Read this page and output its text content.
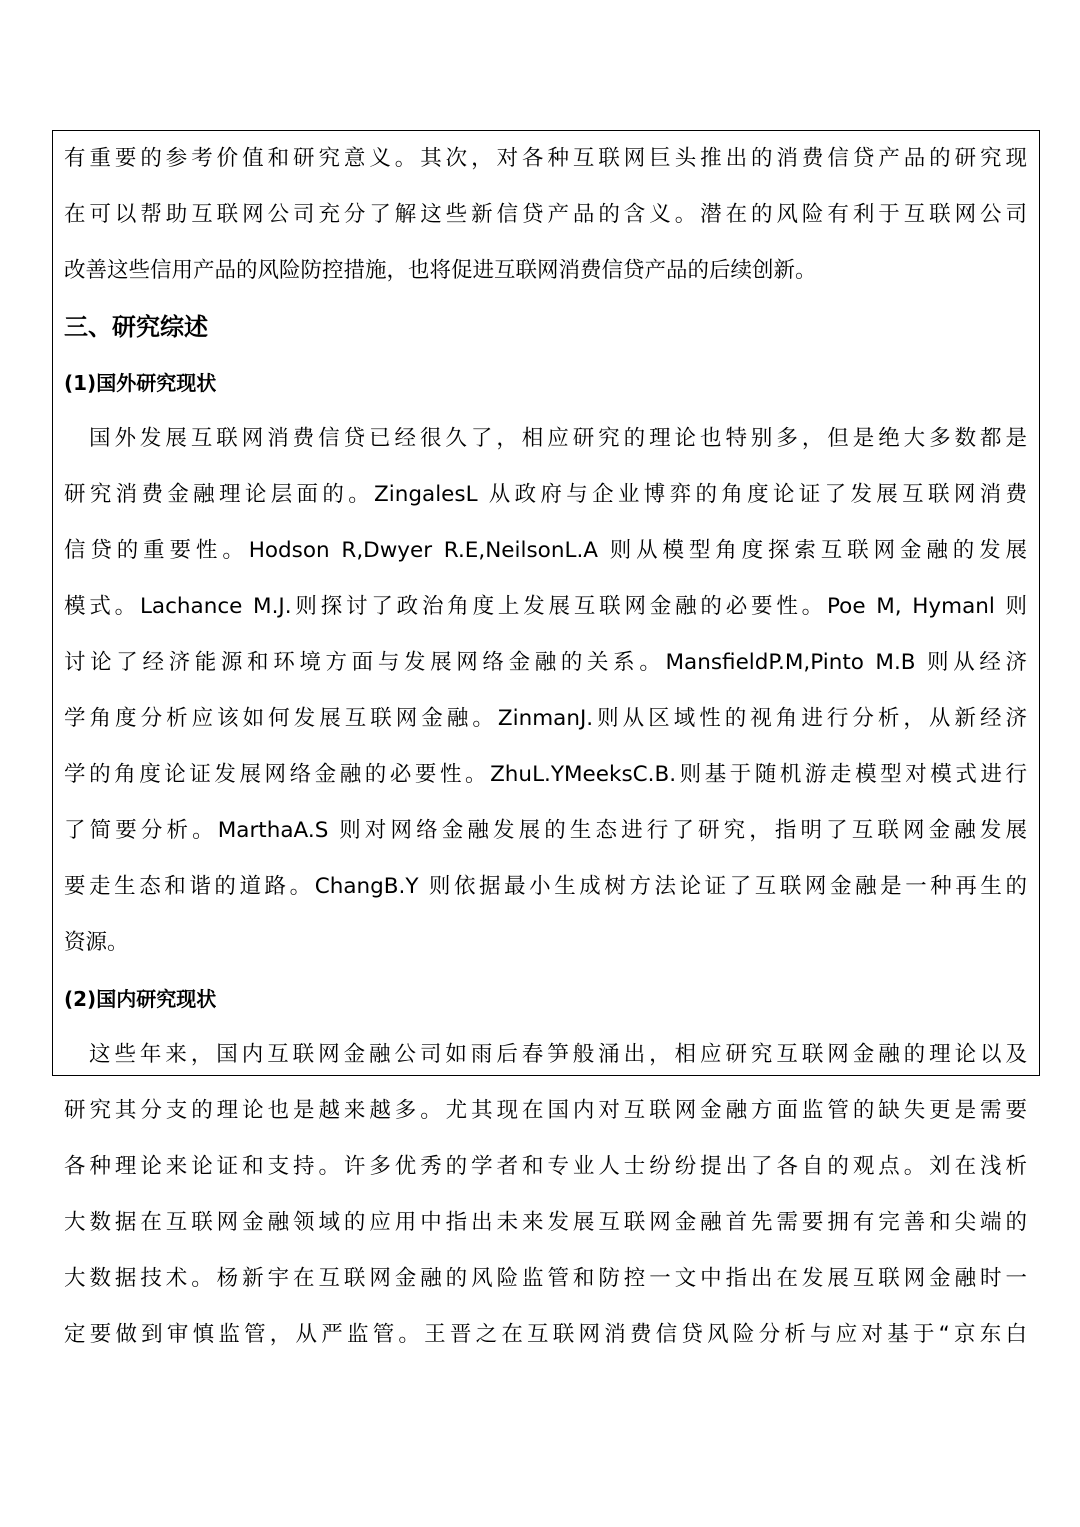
有重要的参考价值和研究意义。其次，对各种互联网巨头推出的消费信贷产品的研究现
在可以帮助互联网公司充分了解这些新信贷产品的含义。潜在的风险有利于互联网公司
改善这些信用产品的风险防控措施，也将促进互联网消费信贷产品的后续创新。
三、研究综述
(1)国外研究现状
国外发展互联网消费信贷已经很久了，相应研究的理论也特别多，但是绝大多数都是
研究消费金融理论层面的。ZingalesL 从政府与企业博弈的角度论证了发展互联网消费
信贷的重要性。Hodson R,Dwyer R.E,NeilsonL.A 则从模型角度探索互联网金融的发展
模式。Lachance M.J.则探讨了政治角度上发展互联网金融的必要性。Poe M, Hymanl 则
讨论了经济能源和环境方面与发展网络金融的关系。MansfieldP.M,Pinto M.B 则从经济
学角度分析应该如何发展互联网金融。ZinmanJ.则从区域性的视角进行分析，从新经济
学的角度论证发展网络金融的必要性。ZhuL.YMeeksC.B.则基于随机游走模型对模式进行
了简要分析。MarthaA.S 则对网络金融发展的生态进行了研究，指明了互联网金融发展
要走生态和谐的道路。ChangB.Y 则依据最小生成树方法论证了互联网金融是一种再生的
资源。
(2)国内研究现状
这些年来，国内互联网金融公司如雨后春笋般涌出，相应研究互联网金融的理论以及
研究其分支的理论也是越来越多。尤其现在国内对互联网金融方面监管的缺失更是需要
各种理论来论证和支持。许多优秀的学者和专业人士纷纷提出了各自的观点。刘在浅析
大数据在互联网金融领域的应用中指出未来发展互联网金融首先需要拥有完善和尖端的
大数据技术。杨新宇在互联网金融的风险监管和防控一文中指出在发展互联网金融时一
定要做到审慎监管，从严监管。王晋之在互联网消费信贷风险分析与应对基于“京东白
